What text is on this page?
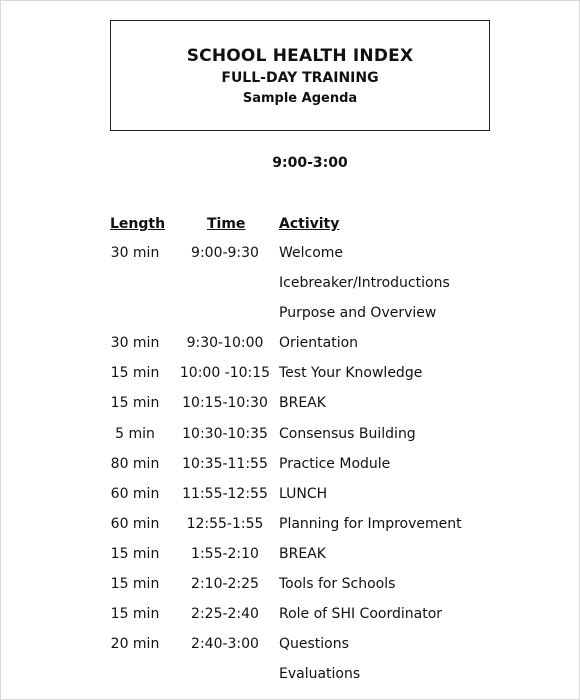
SCHOOL HEALTH INDEX
FULL-DAY TRAINING
Sample Agenda
9:00-3:00
Length	Time Activity
30 min	9:00-9:30	Welcome
Icebreaker/Introductions
Purpose and Overview
30 min	9:30-10:00	Orientation
15 min	10:00 -10:15 Test Your Knowledge
15 min	10:15-10:30 BREAK
5 min	10:30-10:35 Consensus Building
80 min	10:35-11:55 Practice Module
60 min	11:55-12:55 LUNCH
60 min	12:55-1:55	Planning for Improvement
15 min	1:55-2:10	BREAK
15 min	2:10-2:25	Tools for Schools
15 min	2:25-2:40	Role of SHI Coordinator
20 min	2:40-3:00	Questions
Evaluations
